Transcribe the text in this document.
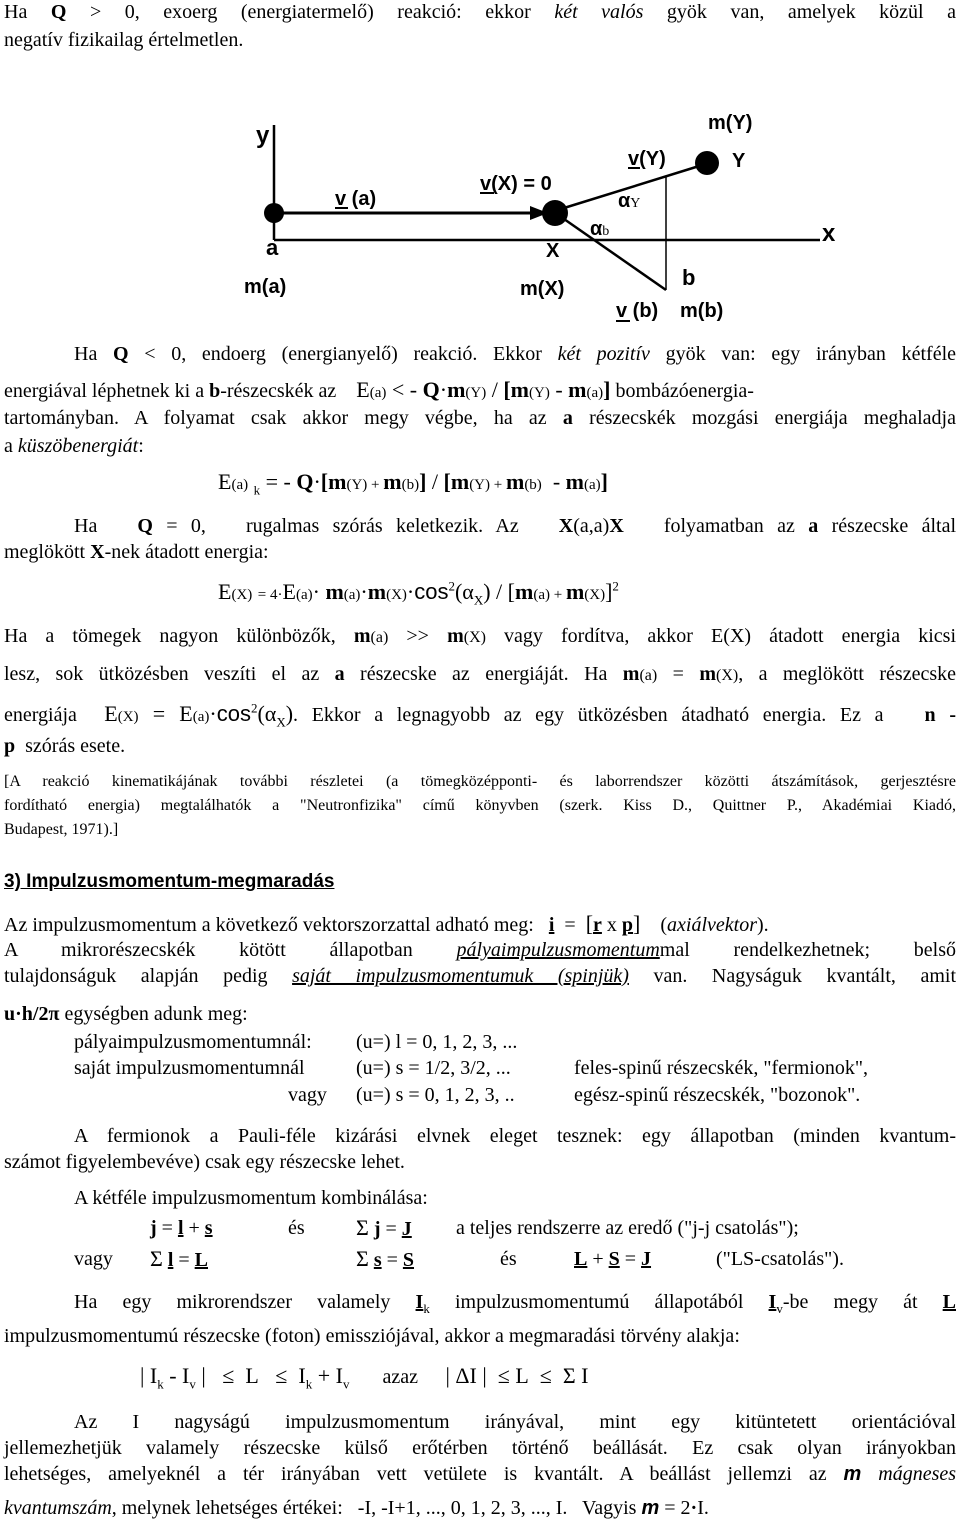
Ha Q > 0, exoerg (energiatermelő) reakció: ekkor két valós gyök van, amelyek közül a
negatív fizikailag értelmetlen.
y
x
v (a)
a
m(a)
v(X) = 0
X
m(X)
m(Y)
Y
v(Y)
αY
αb
b
v (b) m(b)
Ha Q < 0, endoerg (energianyelő) reakció. Ekkor két pozitív gyök van: egy irányban kétféle
energiával léphetnek ki a b-részecskék az    E(a) < - Q·m(Y) / [m(Y) - m(a)] bombázóenergia-
tartományban. A folyamat csak akkor megy végbe, ha az a részecskék mozgási energiája meghaladja
a küszöbenergiát:
E(a) $_k$ = - Q·[m(Y) + m(b)] / [m(Y) + m(b)  - m(a)]
Ha   Q = 0,   rugalmas szórás keletkezik. Az   X(a,a)X   folyamatban az a részecske által
meglökött X-nek átadott energia:
$E(X) = 4\cdot E(a)\cdot m(a)\cdot m(X)\cdot\cos^2(\alpha_X) / [m(a) + m(X)]^2$
Ha a tömegek nagyon különbözők, m(a) >> m(X) vagy fordítva, akkor E(X) átadott energia kicsi
lesz, sok ütközésben veszíti el az a részecske az energiáját. Ha m(a) = m(X), a meglökött részecske
energiája  $E(X) = E(a)\cdot\cos^2(\alpha_X)$. Ekkor a legnagyobb az egy ütközésben átadható energia. Ez a   n -
p  szórás esete.
[A reakció kinematikájának további részletei (a tömegközépponti- és laborrendszer közötti átszámítások, gerjesztésre
fordítható energia) megtalálhatók a "Neutronfizika" című könyvben (szerk. Kiss D., Quittner P., Akadémiai Kiadó,
Budapest, 1971).]
3) Impulzusmomentum-megmaradás
Az impulzusmomentum a következő vektorszorzattal adható meg:   i  =  [r x p]    (axiálvektor).
A mikrorészecskék kötött állapotban pályaimpulzusmomentummal rendelkezhetnek; belső
tulajdonságuk alapján pedig saját impulzusmomentumuk (spinjük) van. Nagyságuk kvantált, amit
u·h/2π egységben adunk meg:
pályaimpulzusmomentumnál: (u=) l = 0, 1, 2, 3, ...
saját impulzusmomentumnál	(u=) s = 1/2, 3/2, ...	feles-spinű részecskék, "fermionok",
vagy (u=) s = 0, 1, 2, 3, ..	egész-spinű részecskék, "bozonok".
A fermionok a Pauli-féle kizárási elvnek eleget tesznek: egy állapotban (minden kvantum-
számot figyelembevéve) csak egy részecske lehet.
A kétféle impulzusmomentum kombinálása:
j = l + s	és Σ j = J a teljes rendszerre az eredő ("j-j csatolás");
vagy Σ l = L	Σ s = S	és	L + S = J	("LS-csatolás").
Ha egy mikrorendszer valamely $I_k$ impulzusmomentumú állapotából $I_v-be$ megy át L
impulzusmomentumú részecske (foton) emissziójával, akkor a megmaradási törvény alakja:
| $I_k - I_v$ |   ≤  $L \le I_k + I_v$ azaz     | ΔI |  ≤ L  ≤  Σ I
Az I nagyságú impulzusmomentum irányával, mint egy kitüntetett orientációval
jellemezhetjük valamely részecske külső erőtérben történő beállását. Ez csak olyan irányokban
lehetséges, amelyeknél a tér irányában vett vetülete is kvantált. A beállást jellemzi az m mágneses
kvantumszám, melynek lehetséges értékei:   -I, -I+1, ..., 0, 1, 2, 3, ..., I.   Vagyis m = 2·I.
